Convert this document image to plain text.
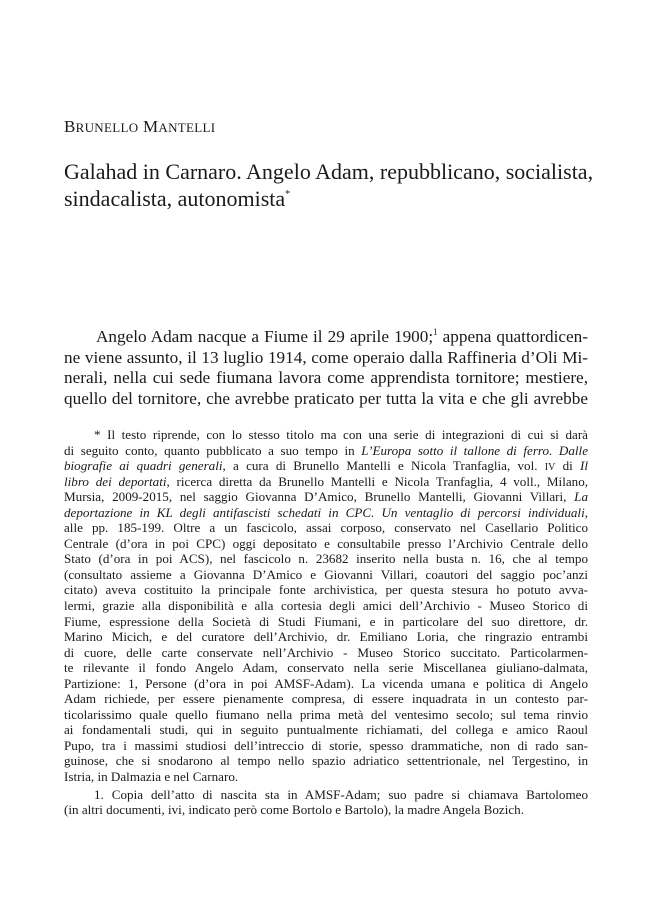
BRUNELLO MANTELLI
Galahad in Carnaro. Angelo Adam, repubblicano, socialista,
sindacalista, autonomista*
Angelo Adam nacque a Fiume il 29 aprile 1900;$^1$ appena quattordicen-
ne viene assunto, il 13 luglio 1914, come operaio dalla Raffineria d’Oli Mi-
nerali, nella cui sede fiumana lavora come apprendista tornitore; mestiere,
quello del tornitore, che avrebbe praticato per tutta la vita e che gli avrebbe
* Il testo riprende, con lo stesso titolo ma con una serie di integrazioni di cui si darà
di seguito conto, quanto pubblicato a suo tempo in L’Europa sotto il tallone di ferro. Dalle
biografie ai quadri generali, a cura di Brunello Mantelli e Nicola Tranfaglia, vol. IV di Il
libro dei deportati, ricerca diretta da Brunello Mantelli e Nicola Tranfaglia, 4 voll., Milano,
Mursia, 2009-2015, nel saggio Giovanna D’Amico, Brunello Mantelli, Giovanni Villari, La
deportazione in KL degli antifascisti schedati in CPC. Un ventaglio di percorsi individuali,
alle pp. 185-199. Oltre a un fascicolo, assai corposo, conservato nel Casellario Politico
Centrale (d’ora in poi CPC) oggi depositato e consultabile presso l’Archivio Centrale dello
Stato (d’ora in poi ACS), nel fascicolo n. 23682 inserito nella busta n. 16, che al tempo
(consultato assieme a Giovanna D’Amico e Giovanni Villari, coautori del saggio poc’anzi
citato) aveva costituito la principale fonte archivistica, per questa stesura ho potuto avva-
lermi, grazie alla disponibilità e alla cortesia degli amici dell’Archivio - Museo Storico di
Fiume, espressione della Società di Studi Fiumani, e in particolare del suo direttore, dr.
Marino Micich, e del curatore dell’Archivio, dr. Emiliano Loria, che ringrazio entrambi
di cuore, delle carte conservate nell’Archivio - Museo Storico succitato. Particolarmen-
te rilevante il fondo Angelo Adam, conservato nella serie Miscellanea giuliano-dalmata,
Partizione: 1, Persone (d’ora in poi AMSF-Adam). La vicenda umana e politica di Angelo
Adam richiede, per essere pienamente compresa, di essere inquadrata in un contesto par-
ticolarissimo quale quello fiumano nella prima metà del ventesimo secolo; sul tema rinvio
ai fondamentali studi, qui in seguito puntualmente richiamati, del collega e amico Raoul
Pupo, tra i massimi studiosi dell’intreccio di storie, spesso drammatiche, non di rado san-
guinose, che si snodarono al tempo nello spazio adriatico settentrionale, nel Tergestino, in
Istria, in Dalmazia e nel Carnaro.
1. Copia dell’atto di nascita sta in AMSF-Adam; suo padre si chiamava Bartolomeo
(in altri documenti, ivi, indicato però come Bortolo e Bartolo), la madre Angela Bozich.
